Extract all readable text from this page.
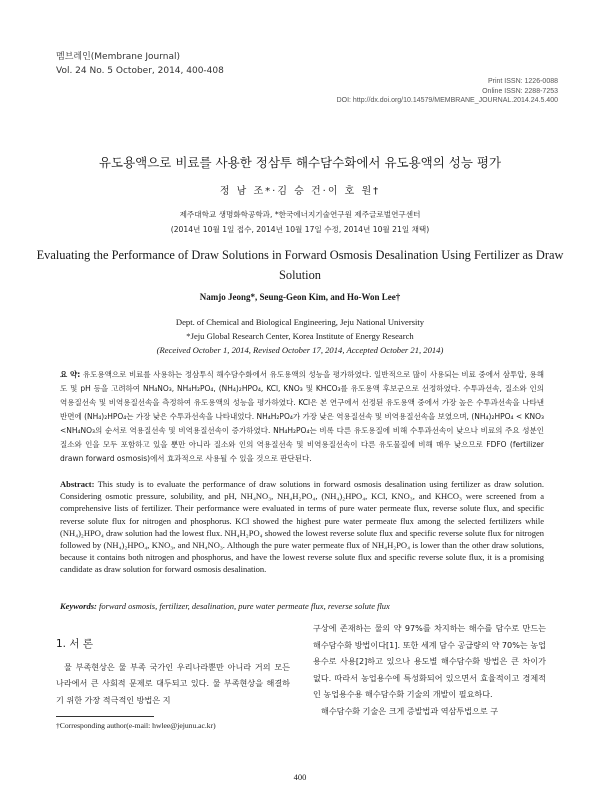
멤브레인(Membrane Journal)
Vol. 24 No. 5 October, 2014, 400-408
Print ISSN: 1226-0088
Online ISSN: 2288-7253
DOI: http://dx.doi.org/10.14579/MEMBRANE_JOURNAL.2014.24.5.400
유도용액으로 비료를 사용한 정삼투 해수담수화에서 유도용액의 성능 평가
정 남 조*·김 승 건·이 호 원†
제주대학교 생명화학공학과, *한국에너지기술연구원 제주글로벌연구센터
(2014년 10월 1일 접수, 2014년 10월 17일 수정, 2014년 10월 21일 채택)
Evaluating the Performance of Draw Solutions in Forward Osmosis Desalination Using Fertilizer as Draw Solution
Namjo Jeong*, Seung-Geon Kim, and Ho-Won Lee†
Dept. of Chemical and Biological Engineering, Jeju National University
*Jeju Global Research Center, Korea Institute of Energy Research
(Received October 1, 2014, Revised October 17, 2014, Accepted October 21, 2014)
요 약: 유도용액으로 비료를 사용하는 정삼투식 해수담수화에서 유도용액의 성능을 평가하였다. 일반적으로 많이 사용되는 비료 중에서 삼투압, 용해도 및 pH 등을 고려하여 NH₄NO₃, NH₄H₂PO₄, (NH₄)₂HPO₄, KCl, KNO₃ 및 KHCO₃를 유도용액 후보군으로 선정하였다. 수투과선속, 질소와 인의 역용질선속 및 비역용질선속을 측정하여 유도용액의 성능을 평가하였다. KCl은 본 연구에서 선정된 유도용액 중에서 가장 높은 수투과선속을 나타낸 반면에 (NH₄)₂HPO₄는 가장 낮은 수투과선속을 나타내었다. NH₄H₂PO₄가 가장 낮은 역용질선속 및 비역용질선속을 보였으며, (NH₄)₂HPO₄ < KNO₃ <NH₄NO₃의 순서로 역용질선속 및 비역용질선속이 증가하였다. NH₄H₂PO₄는 비록 다른 유도용질에 비해 수투과선속이 낮으나 비료의 주요 성분인 질소와 인을 모두 포함하고 있을 뿐만 아니라 질소와 인의 역용질선속 및 비역용질선속이 다른 유도물질에 비해 매우 낮으므로 FDFO (fertilizer drawn forward osmosis)에서 효과적으로 사용될 수 있을 것으로 판단된다.
Abstract: This study is to evaluate the performance of draw solutions in forward osmosis desalination using fertilizer as draw solution. Considering osmotic pressure, solubility, and pH, NH₄NO₃, NH₄H₂PO₄, (NH₄)₂HPO₄, KCl, KNO₃, and KHCO₃ were screened from a comprehensive lists of fertilizer. Their performance were evaluated in terms of pure water permeate flux, reverse solute flux, and specific reverse solute flux for nitrogen and phosphorus. KCl showed the highest pure water permeate flux among the selected fertilizers while (NH₄)₂HPO₄ draw solution had the lowest flux. NH₄H₂PO₄ showed the lowest reverse solute flux and specific reverse solute flux for nitrogen followed by (NH₄)₂HPO₄, KNO₃, and NH₄NO₃. Although the pure water permeate flux of NH₄H₂PO₄ is lower than the other draw solutions, because it contains both nitrogen and phosphorus, and have the lowest reverse solute flux and specific reverse solute flux, it is a promising candidate as draw solution for forward osmosis desalination.
Keywords: forward osmosis, fertilizer, desalination, pure water permeate flux, reverse solute flux
1. 서 론

물 부족현상은 물 부족 국가인 우리나라뿐만 아니라 거의 모든 나라에서 큰 사회적 문제로 대두되고 있다. 물 부족현상을 해결하기 위한 가장 적극적인 방법은 지

구상에 존재하는 물의 약 97%를 차지하는 해수를 담수로 만드는 해수담수화 방법이다[1]. 또한 세계 담수 공급량의 약 70%는 농업용수로 사용[2]하고 있으나 용도별 해수담수화 방법은 큰 차이가 없다. 따라서 농업용수에 특성화되어 있으면서 효율적이고 경제적인 농업용수용 해수담수화 기술의 개발이 필요하다.

해수담수화 기술은 크게 증발법과 역삼투법으로 구

†Corresponding author(e-mail: hwlee@jejunu.ac.kr)
400
